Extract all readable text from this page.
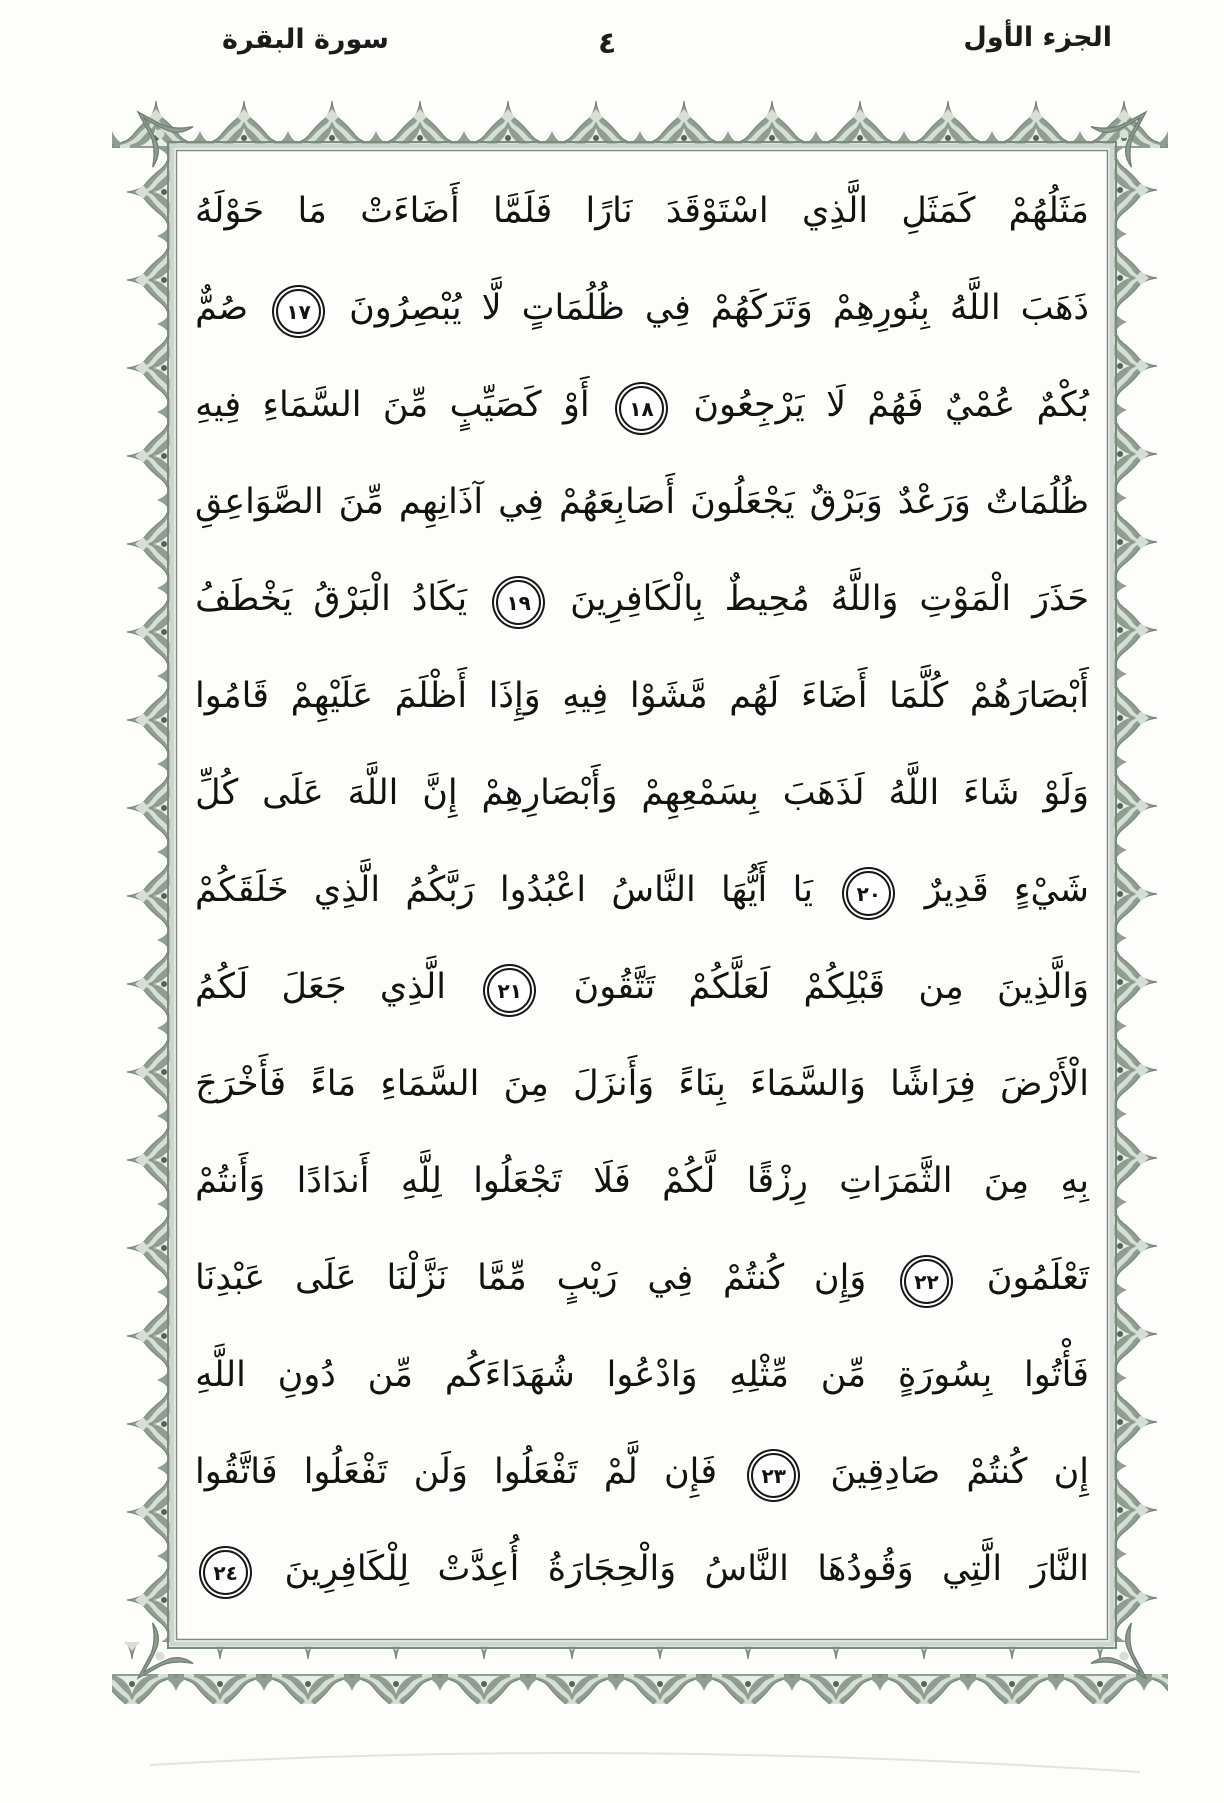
سورة البقرة	٤	الجزء الأول
مَثَلُهُمْ
كَمَثَلِ
الَّذِي
اسْتَوْقَدَ
نَارًا
فَلَمَّا
أَضَاءَتْ
مَا
حَوْلَهُ
ذَهَبَ
اللَّهُ
بِنُورِهِمْ
وَتَرَكَهُمْ
فِي
ظُلُمَاتٍ
لَّا
يُبْصِرُونَ
١٧
صُمٌّ
بُكْمٌ
عُمْيٌ
فَهُمْ
لَا
يَرْجِعُونَ
١٨
أَوْ
كَصَيِّبٍ
مِّنَ
السَّمَاءِ
فِيهِ
ظُلُمَاتٌ
وَرَعْدٌ
وَبَرْقٌ
يَجْعَلُونَ
أَصَابِعَهُمْ
فِي
آذَانِهِم
مِّنَ
الصَّوَاعِقِ
حَذَرَ
الْمَوْتِ
وَاللَّهُ
مُحِيطٌ
بِالْكَافِرِينَ
١٩
يَكَادُ
الْبَرْقُ
يَخْطَفُ
أَبْصَارَهُمْ
كُلَّمَا
أَضَاءَ
لَهُم
مَّشَوْا
فِيهِ
وَإِذَا
أَظْلَمَ
عَلَيْهِمْ
قَامُوا
وَلَوْ
شَاءَ
اللَّهُ
لَذَهَبَ
بِسَمْعِهِمْ
وَأَبْصَارِهِمْ
إِنَّ
اللَّهَ
عَلَى
كُلِّ
شَيْءٍ
قَدِيرٌ
٢٠
يَا
أَيُّهَا
النَّاسُ
اعْبُدُوا
رَبَّكُمُ
الَّذِي
خَلَقَكُمْ
وَالَّذِينَ
مِن
قَبْلِكُمْ
لَعَلَّكُمْ
تَتَّقُونَ
٢١
الَّذِي
جَعَلَ
لَكُمُ
الْأَرْضَ
فِرَاشًا
وَالسَّمَاءَ
بِنَاءً
وَأَنزَلَ
مِنَ
السَّمَاءِ
مَاءً
فَأَخْرَجَ
بِهِ
مِنَ
الثَّمَرَاتِ
رِزْقًا
لَّكُمْ
فَلَا
تَجْعَلُوا
لِلَّهِ
أَندَادًا
وَأَنتُمْ
تَعْلَمُونَ
٢٢
وَإِن
كُنتُمْ
فِي
رَيْبٍ
مِّمَّا
نَزَّلْنَا
عَلَى
عَبْدِنَا
فَأْتُوا
بِسُورَةٍ
مِّن
مِّثْلِهِ
وَادْعُوا
شُهَدَاءَكُم
مِّن
دُونِ
اللَّهِ
إِن
كُنتُمْ
صَادِقِينَ
٢٣
فَإِن
لَّمْ
تَفْعَلُوا
وَلَن
تَفْعَلُوا
فَاتَّقُوا
النَّارَ
الَّتِي
وَقُودُهَا
النَّاسُ
وَالْحِجَارَةُ
أُعِدَّتْ
لِلْكَافِرِينَ
٢٤
